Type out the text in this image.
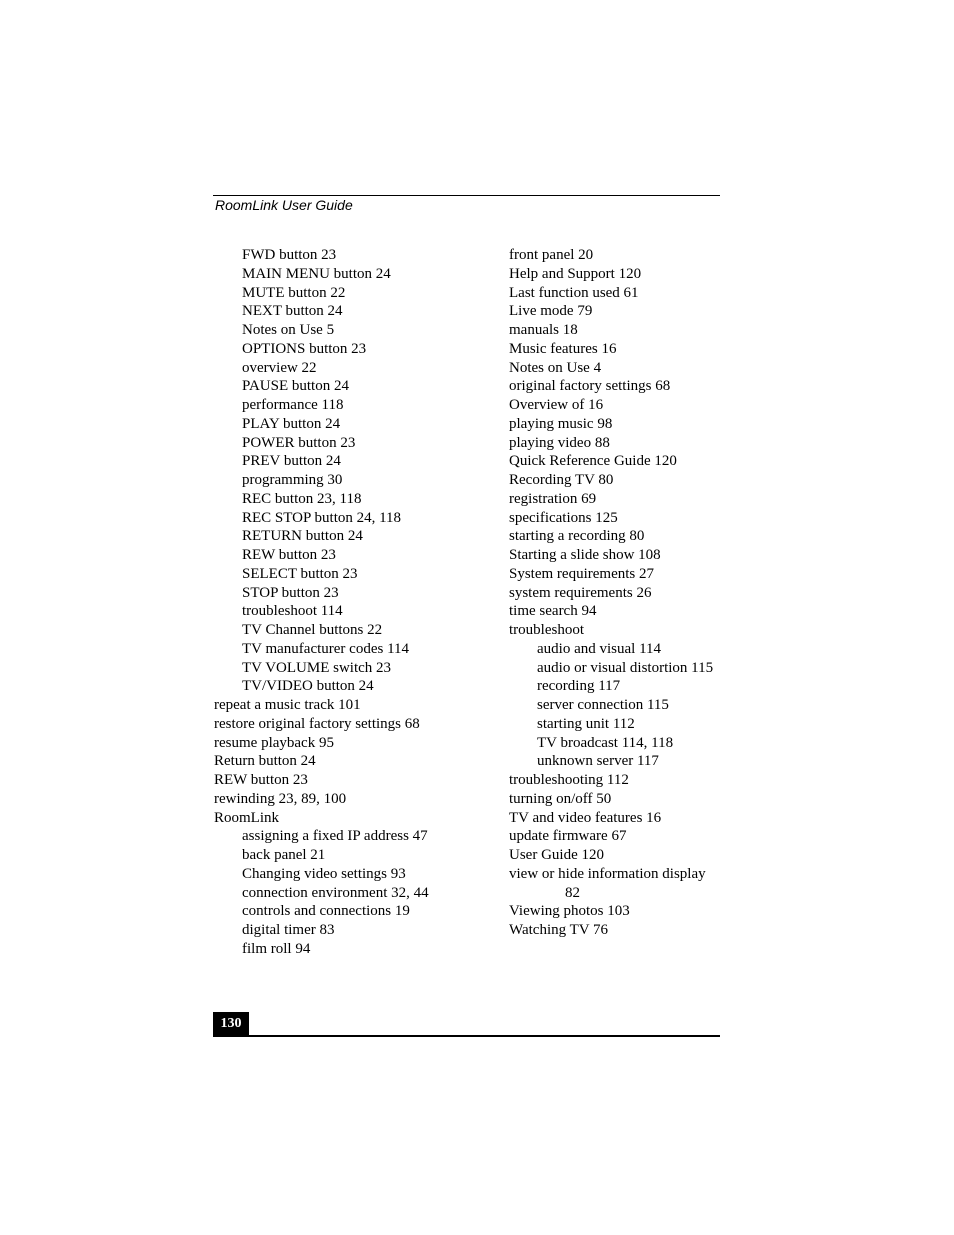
RoomLink User Guide
FWD button 23
MAIN MENU button 24
MUTE button 22
NEXT button 24
Notes on Use 5
OPTIONS button 23
overview 22
PAUSE button 24
performance 118
PLAY button 24
POWER button 23
PREV button 24
programming 30
REC button 23, 118
REC STOP button 24, 118
RETURN button 24
REW button 23
SELECT button 23
STOP button 23
troubleshoot 114
TV Channel buttons 22
TV manufacturer codes 114
TV VOLUME switch 23
TV/VIDEO button 24
repeat a music track 101
restore original factory settings 68
resume playback 95
Return button 24
REW button 23
rewinding 23, 89, 100
RoomLink
assigning a fixed IP address 47
back panel 21
Changing video settings 93
connection environment 32, 44
controls and connections 19
digital timer 83
film roll 94
front panel 20
Help and Support 120
Last function used 61
Live mode 79
manuals 18
Music features 16
Notes on Use 4
original factory settings 68
Overview of 16
playing music 98
playing video 88
Quick Reference Guide 120
Recording TV 80
registration 69
specifications 125
starting a recording 80
Starting a slide show 108
System requirements 27
system requirements 26
time search 94
troubleshoot
audio and visual 114
audio or visual distortion 115
recording 117
server connection 115
starting unit 112
TV broadcast 114, 118
unknown server 117
troubleshooting 112
turning on/off 50
TV and video features 16
update firmware 67
User Guide 120
view or hide information display
82
Viewing photos 103
Watching TV 76
130
